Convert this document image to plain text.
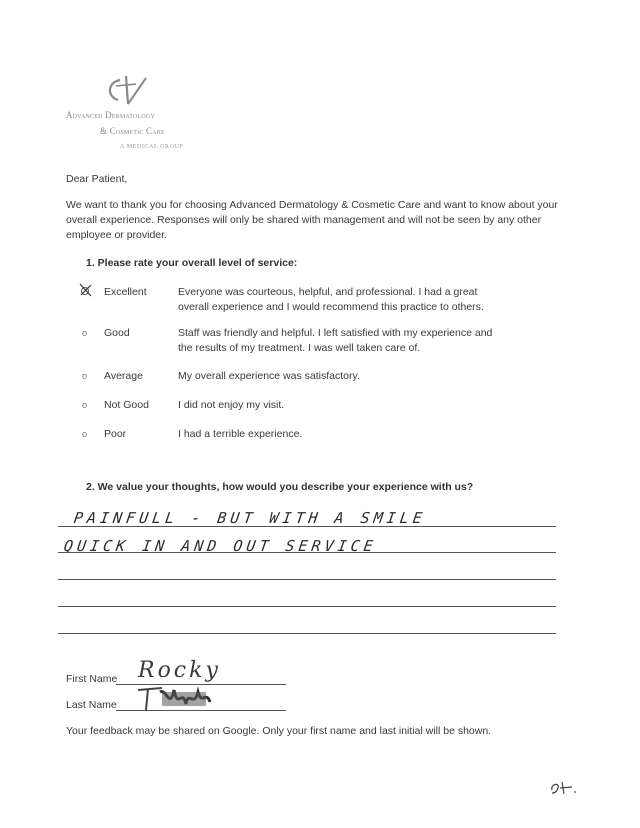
Advanced Dermatology
& Cosmetic Care
A MEDICAL GROUP
Dear Patient,
We want to thank you for choosing Advanced Dermatology & Cosmetic Care and want to know about your overall experience. Responses will only be shared with management and will not be seen by any other employee or provider.
1. Please rate your overall level of service:
Excellent	Everyone was courteous, helpful, and professional. I had a great overall experience and I would recommend this practice to others.
o Good	Staff was friendly and helpful. I left satisfied with my experience and the results of my treatment. I was well taken care of.
o Average	My overall experience was satisfactory.
o Not Good	I did not enjoy my visit.
o Poor	I had a terrible experience.
2. We value your thoughts, how would you describe your experience with us?
PAINFULL - BUT WITH A SMILE
QUICK IN AND OUT SERVICE
First Name Rocky
Last Name
Your feedback may be shared on Google. Only your first name and last initial will be shown.
